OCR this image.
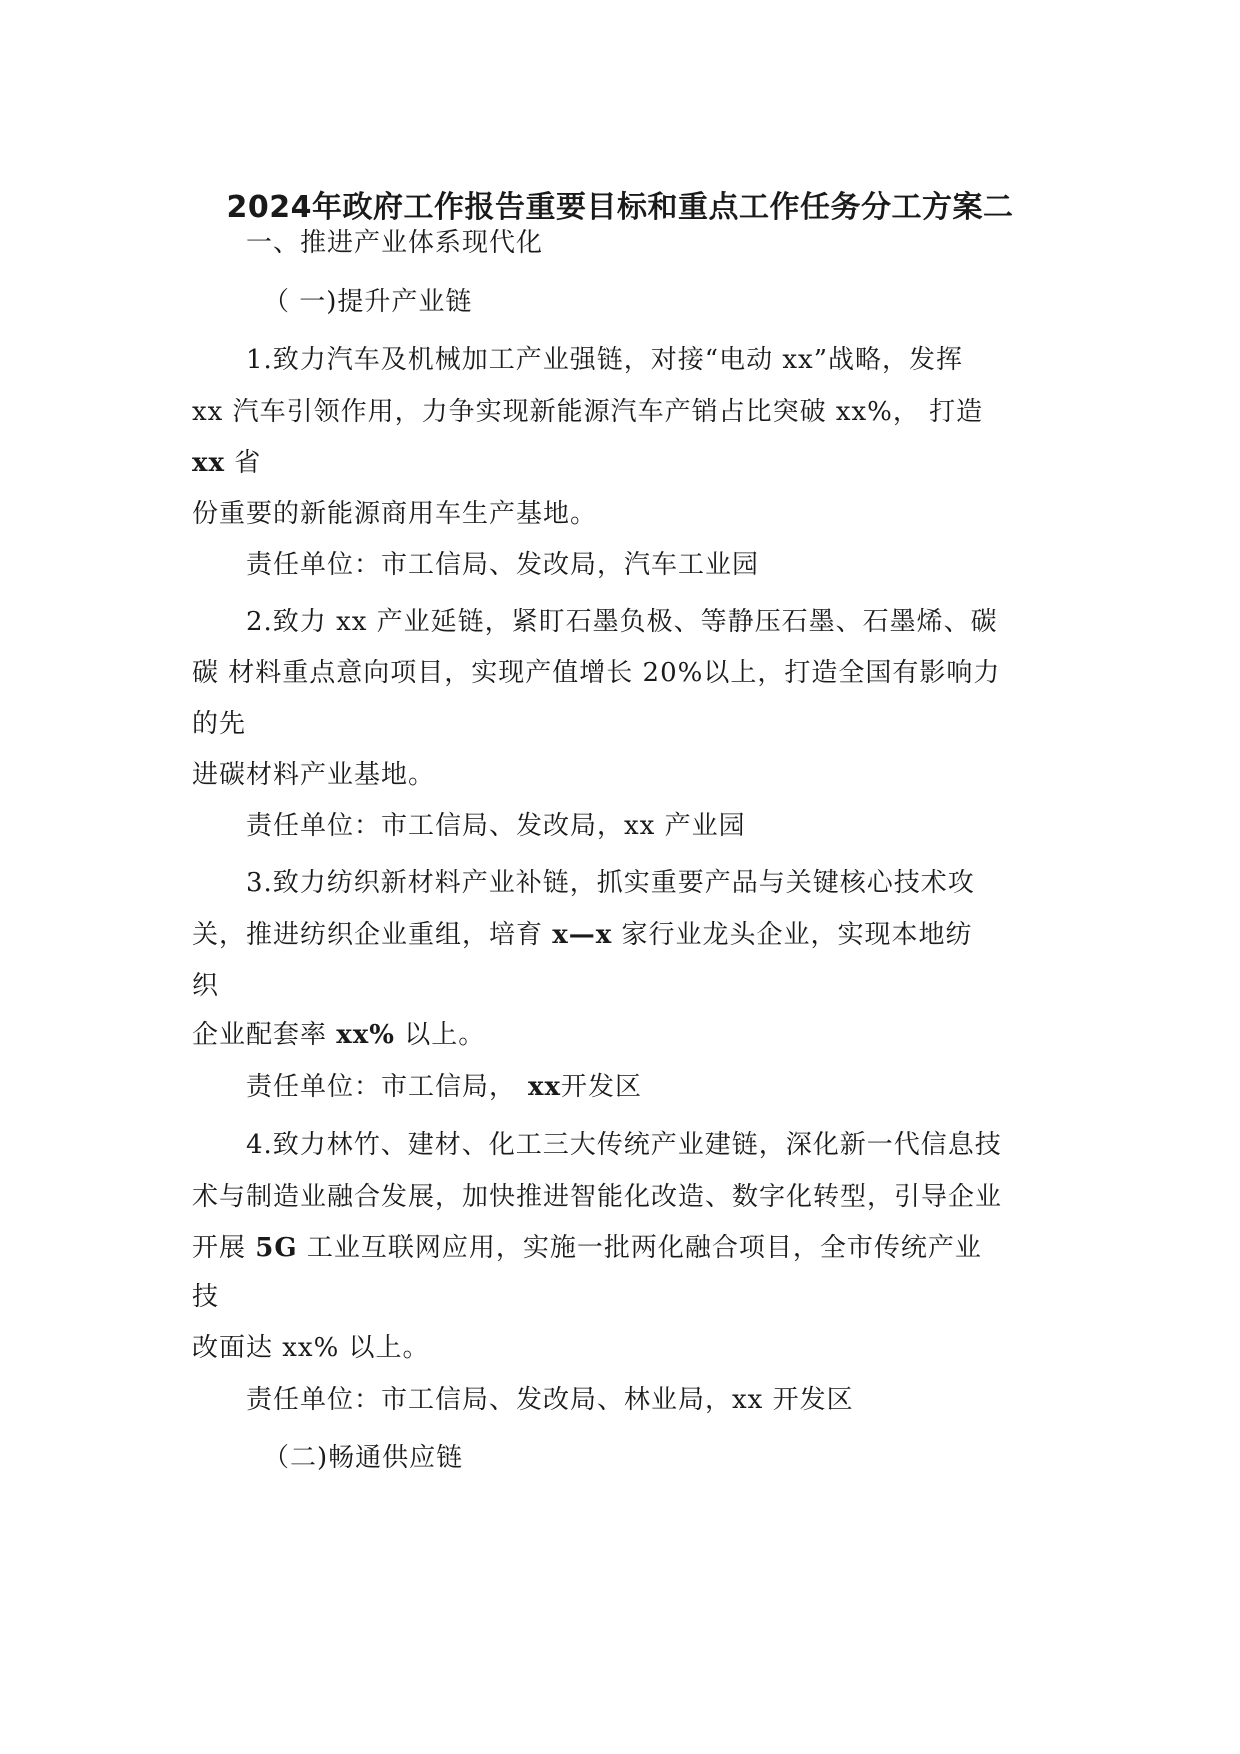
2024年政府工作报告重要目标和重点工作任务分工方案二
一、推进产业体系现代化
（ 一)提升产业链
1.致力汽车及机械加工产业强链，对接“电动 xx”战略，发挥
xx 汽车引领作用，力争实现新能源汽车产销占比突破 xx%， 打造
xx 省
份重要的新能源商用车生产基地。
责任单位：市工信局、发改局，汽车工业园
2.致力 xx 产业延链，紧盯石墨负极、等静压石墨、石墨烯、碳
碳 材料重点意向项目，实现产值增长 20%以上，打造全国有影响力
的先
进碳材料产业基地。
责任单位：市工信局、发改局，xx 产业园
3.致力纺织新材料产业补链，抓实重要产品与关键核心技术攻
关，推进纺织企业重组，培育 x—x 家行业龙头企业，实现本地纺
织
企业配套率 xx% 以上。
责任单位：市工信局， xx开发区
4.致力林竹、建材、化工三大传统产业建链，深化新一代信息技
术与制造业融合发展，加快推进智能化改造、数字化转型，引导企业
开展 5G 工业互联网应用，实施一批两化融合项目，全市传统产业
技
改面达 xx% 以上。
责任单位：市工信局、发改局、林业局，xx 开发区
（二)畅通供应链
